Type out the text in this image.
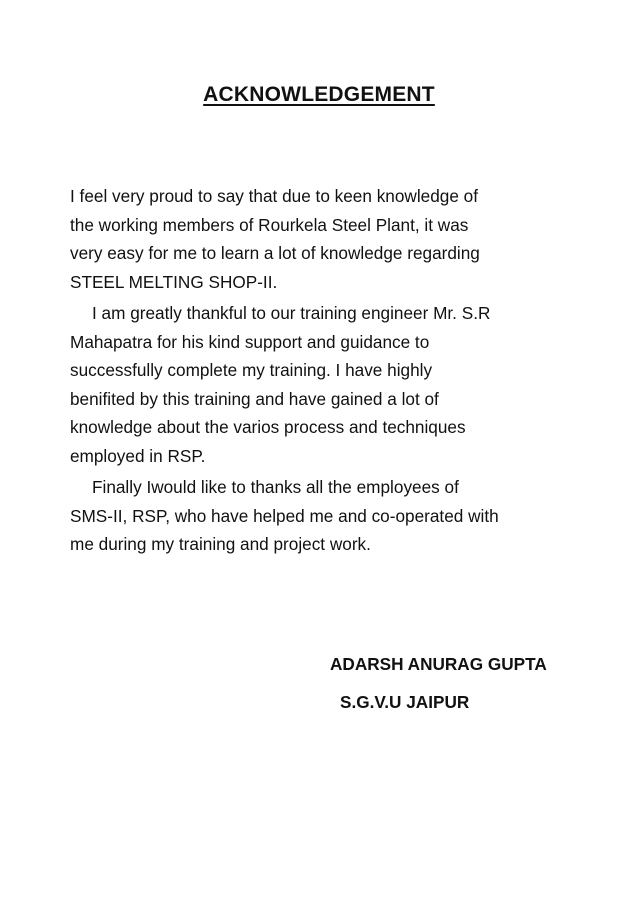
ACKNOWLEDGEMENT

I feel very proud to say that due to keen knowledge of
the working members of Rourkela Steel Plant, it was
very easy for me to learn a lot of knowledge regarding
STEEL MELTING SHOP-II.

I am greatly thankful to our training engineer Mr. S.R
Mahapatra for his kind support and guidance to
successfully complete my training. I have highly
benifited by this training and have gained a lot of
knowledge about the varios process and techniques
employed in RSP.

Finally Iwould like to thanks all the employees of
SMS-II, RSP, who have helped me and co-operated with
me during my training and project work.

ADARSH ANURAG GUPTA
S.G.V.U JAIPUR
